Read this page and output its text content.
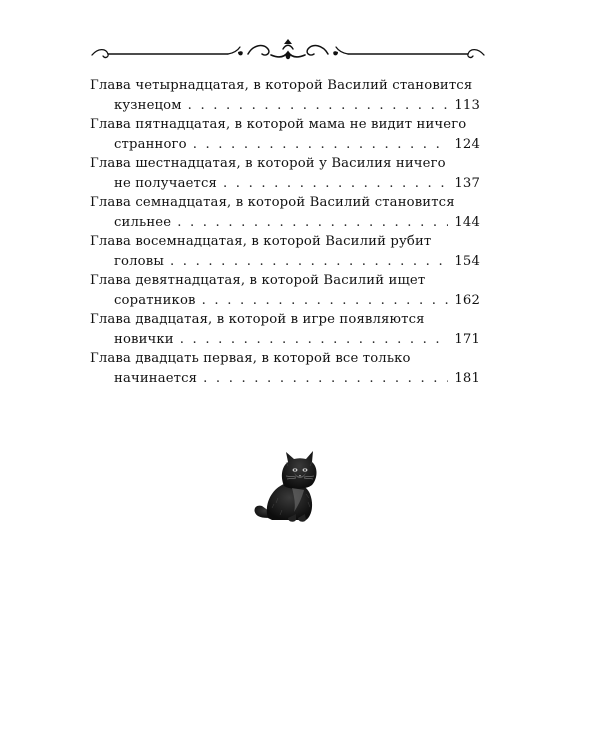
Глава четырнадцатая, в которой Василий становится
кузнецом . . .	113
Глава пятнадцатая, в которой мама не видит ничего
странного . . .	124
Глава шестнадцатая, в которой у Василия ничего
не получается . . .	137
Глава семнадцатая, в которой Василий становится
сильнее . . .	144
Глава восемнадцатая, в которой Василий рубит
головы . . .	154
Глава девятнадцатая, в которой Василий ищет
соратников . . .	162
Глава двадцатая, в которой в игре появляются
новички . . .	171
Глава двадцать первая, в которой все только
начинается . . .	181
